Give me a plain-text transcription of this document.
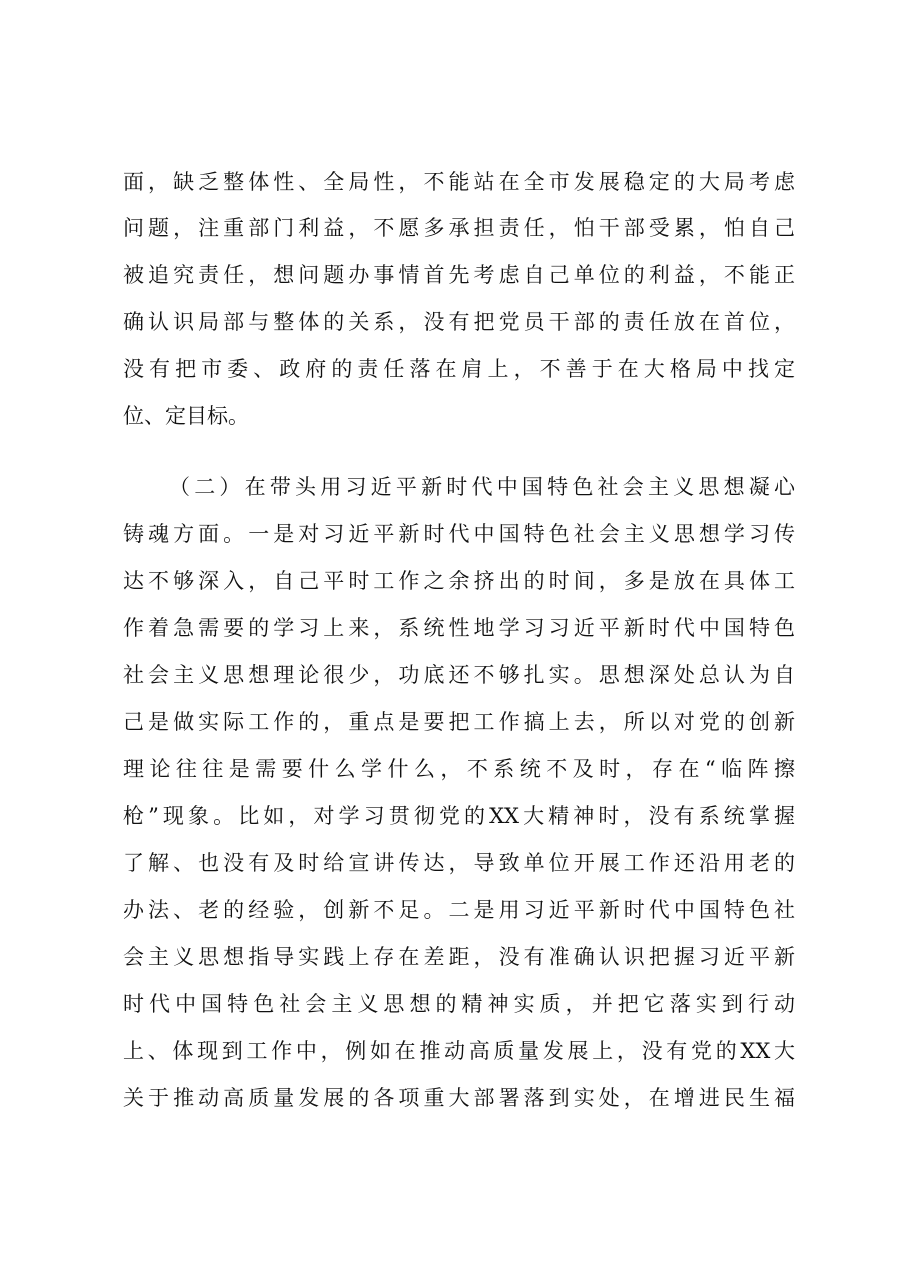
面，缺乏整体性、全局性，不能站在全市发展稳定的大局考虑
问题，注重部门利益，不愿多承担责任，怕干部受累，怕自己
被追究责任，想问题办事情首先考虑自己单位的利益，不能正
确认识局部与整体的关系，没有把党员干部的责任放在首位，
没有把市委、政府的责任落在肩上，不善于在大格局中找定
位、定目标。
（二）在带头用习近平新时代中国特色社会主义思想凝心
铸魂方面。一是对习近平新时代中国特色社会主义思想学习传
达不够深入，自己平时工作之余挤出的时间，多是放在具体工
作着急需要的学习上来，系统性地学习习近平新时代中国特色
社会主义思想理论很少，功底还不够扎实。思想深处总认为自
己是做实际工作的，重点是要把工作搞上去，所以对党的创新
理论往往是需要什么学什么，不系统不及时，存在“临阵擦
枪”现象。比如，对学习贯彻党的XX大精神时，没有系统掌握
了解、也没有及时给宣讲传达，导致单位开展工作还沿用老的
办法、老的经验，创新不足。二是用习近平新时代中国特色社
会主义思想指导实践上存在差距，没有准确认识把握习近平新
时代中国特色社会主义思想的精神实质，并把它落实到行动
上、体现到工作中，例如在推动高质量发展上，没有党的XX大
关于推动高质量发展的各项重大部署落到实处，在增进民生福
